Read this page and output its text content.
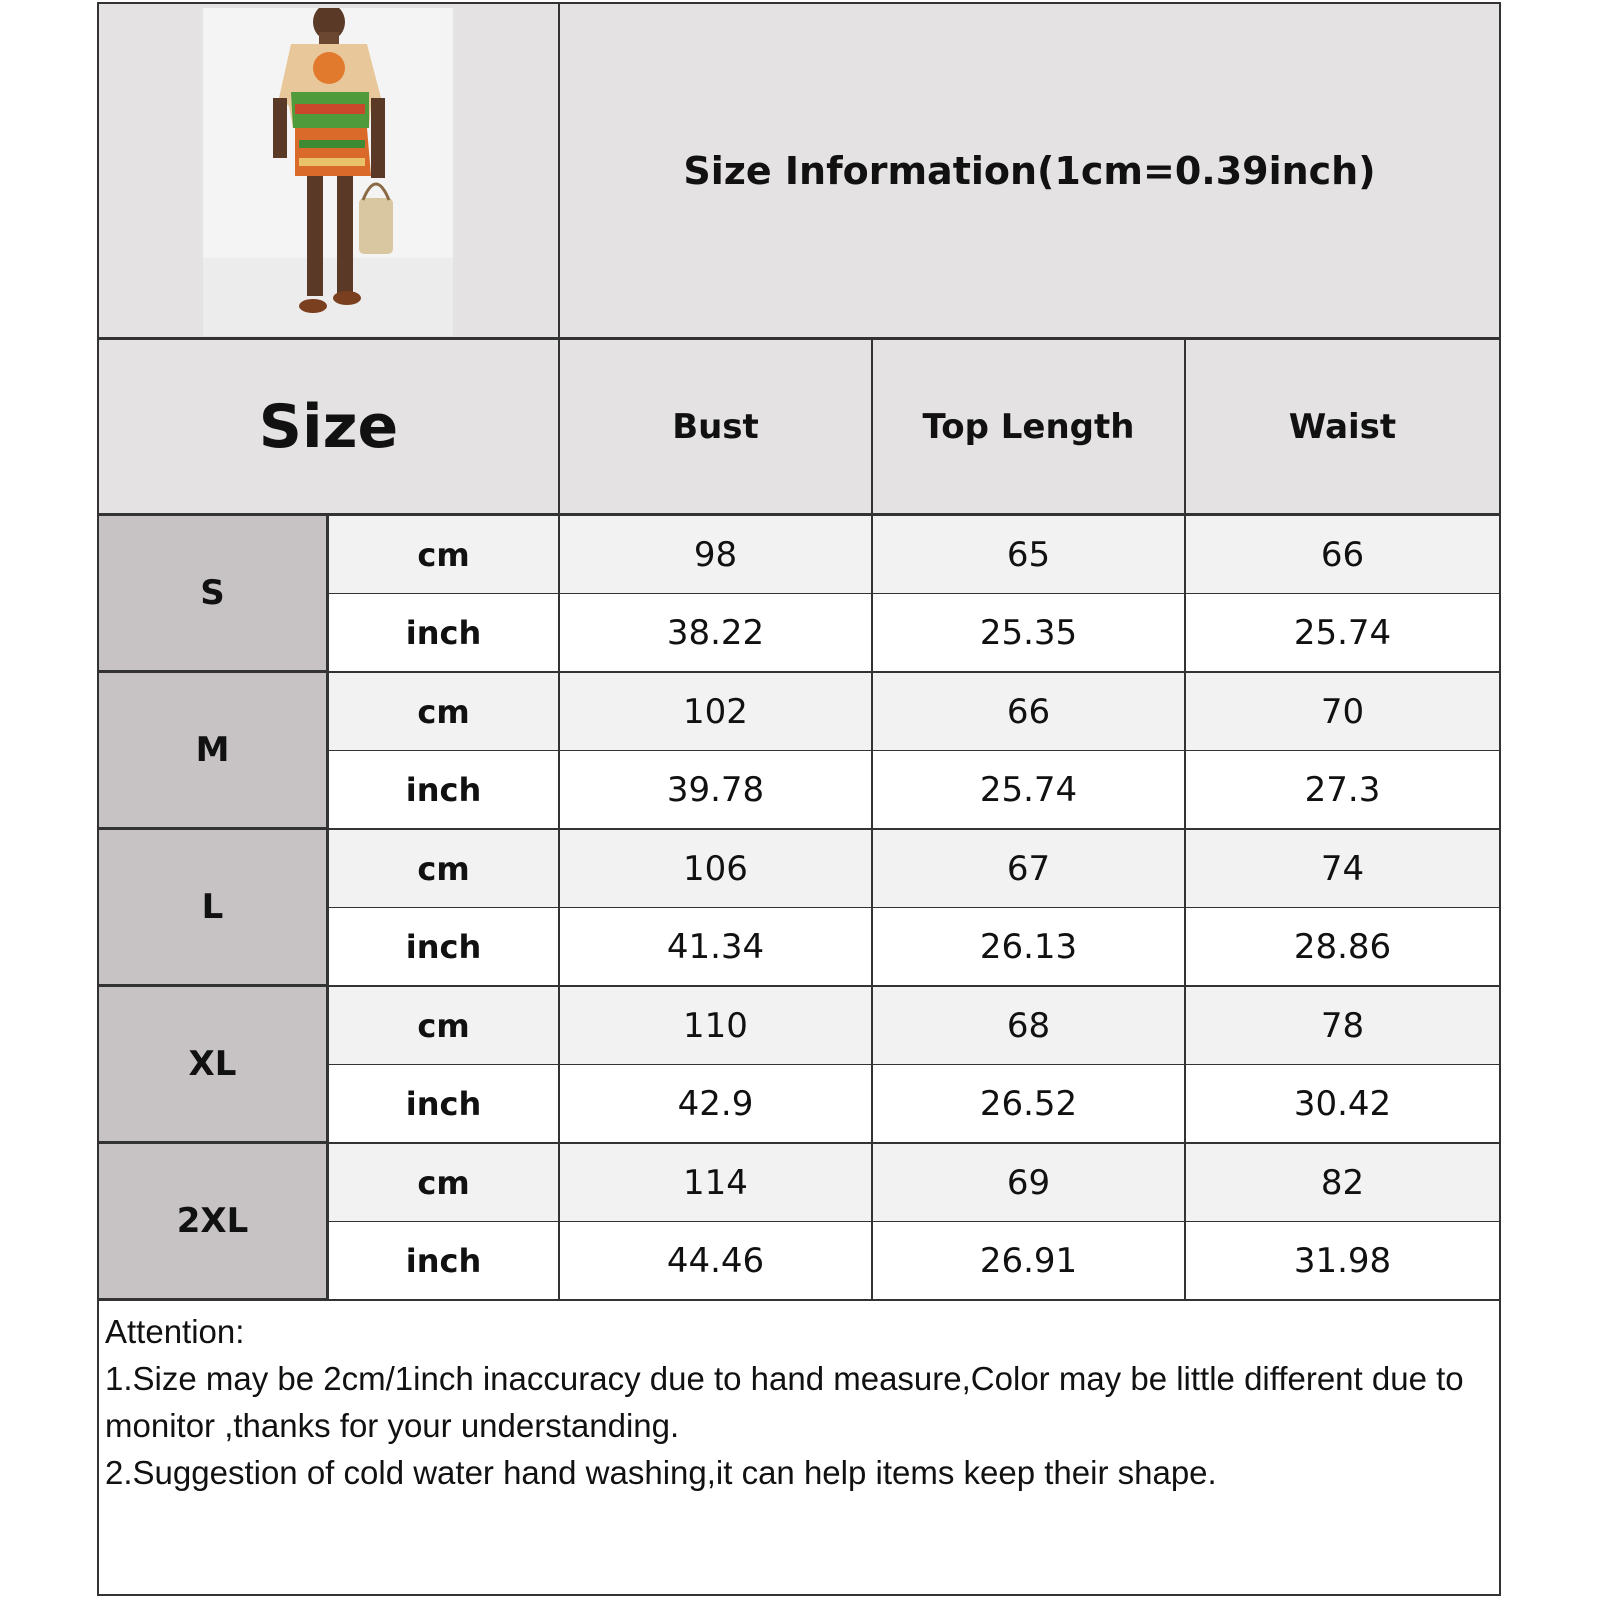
Size Information(1cm=0.39inch)
Size	Bust	Top Length	Waist
S
cm	98	65	66
inch	38.22	25.35	25.74
M
cm	102	66	70
inch	39.78	25.74	27.3
L
cm	106	67	74
inch	41.34	26.13	28.86
XL
cm	110	68	78
inch	42.9	26.52	30.42
2XL
cm	114	69	82
inch	44.46	26.91	31.98

Attention:

1.Size may be 2cm/1inch inaccuracy due to hand measure,Color may be little different due to monitor ,thanks for your understanding.

2.Suggestion of cold water hand washing,it can help items keep their shape.
